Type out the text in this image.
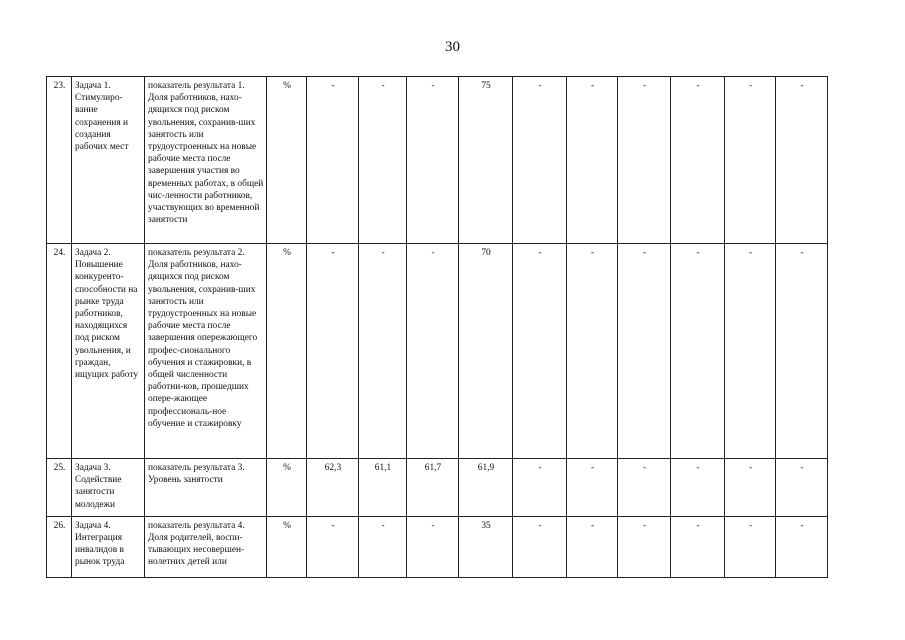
30
23.	Задача 1. Стимулиро-вание сохранения и создания рабочих мест	показатель результата 1. Доля работников, нахо-дящихся под риском увольнения, сохранив-ших занятость или трудоустроенных на новые рабочие места после завершения участия во временных работах, в общей чис-ленности работников, участвующих во временной занятости	%	-	-	-	75	-	-	-	-	-	-
24.	Задача 2. Повышение конкуренто-способности на рынке труда работников, находящихся под риском увольнения, и граждан, ищущих работу	показатель результата 2. Доля работников, нахо-дящихся под риском увольнения, сохранив-ших занятость или трудоустроенных на новые рабочие места после завершения опережающего профес-сионального обучения и стажировки, в общей численности работни-ков, прошедших опере-жающее профессиональ-ное обучение и стажировку	%	-	-	-	70	-	-	-	-	-	-
25.	Задача 3. Содействие занятости молодежи	показатель результата 3. Уровень занятости	%	62,3	61,1	61,7	61,9	-	-	-	-	-	-
26.	Задача 4. Интеграция инвалидов в рынок труда	показатель результата 4. Доля родителей, воспи-тывающих несовершен-нолетних детей или	%	-	-	-	35	-	-	-	-	-	-
